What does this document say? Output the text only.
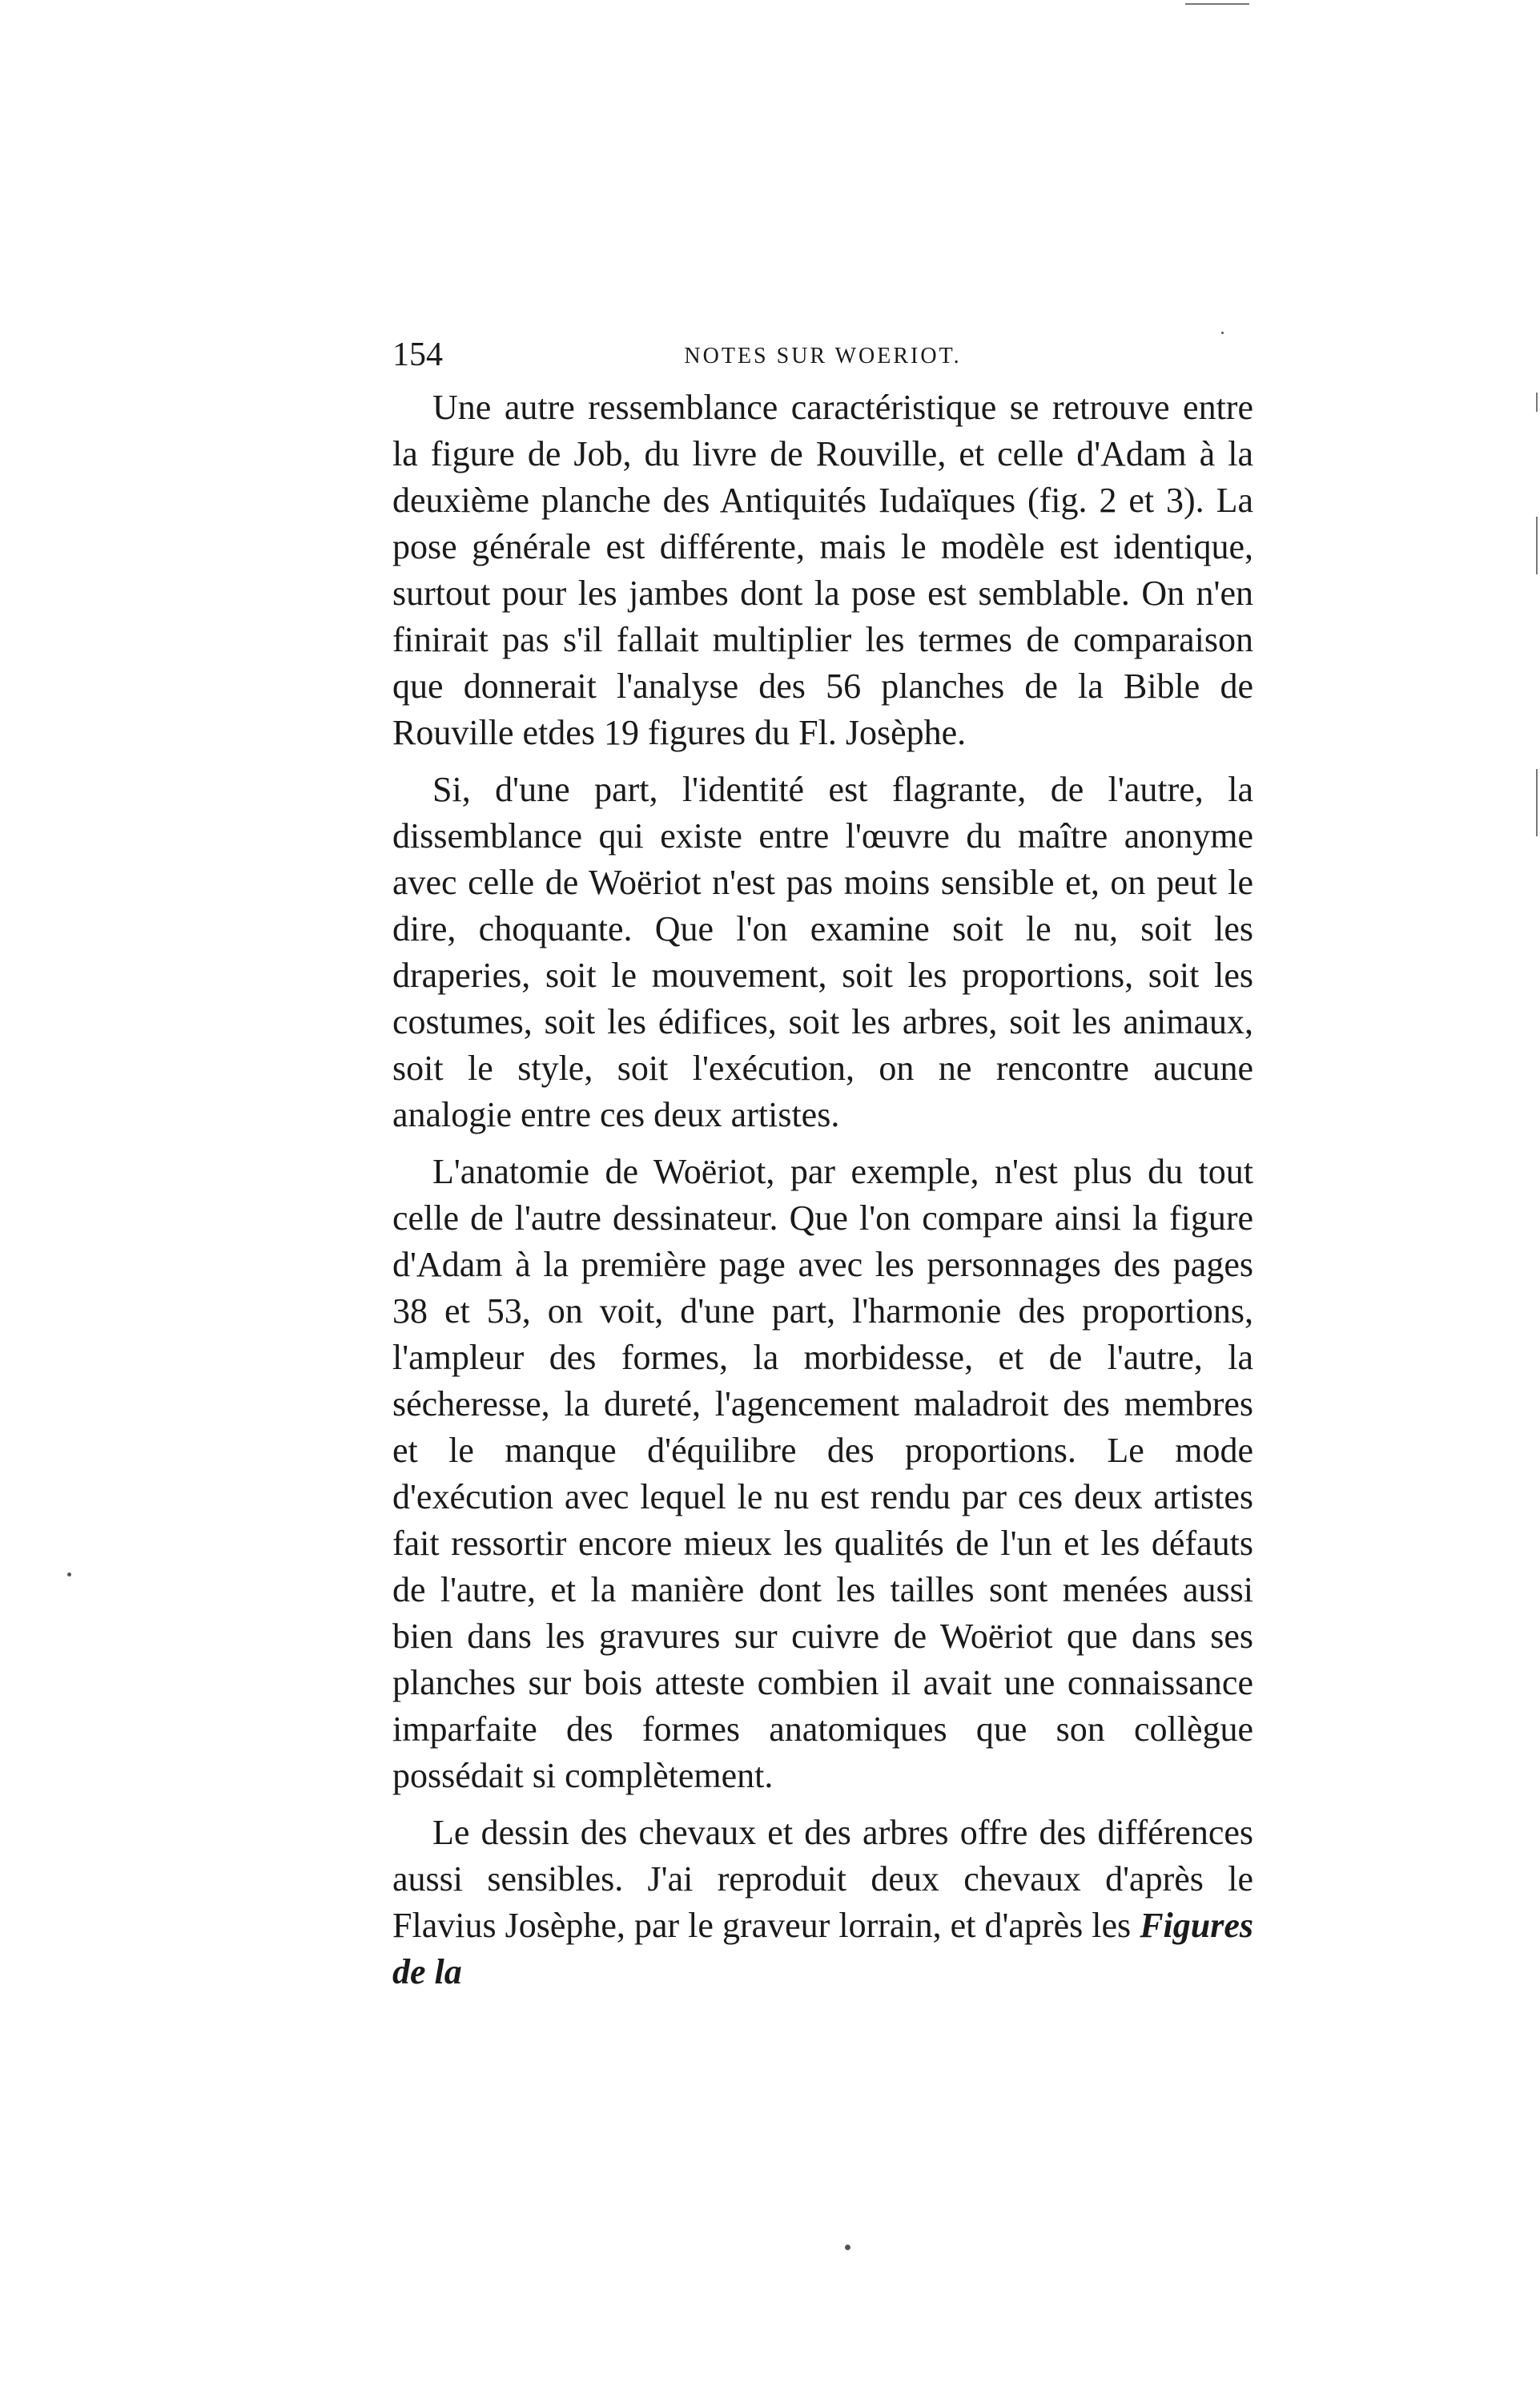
154	NOTES SUR WOERIOT.

Une autre ressemblance caractéristique se retrouve entre la figure de Job, du livre de Rouville, et celle d'Adam à la deuxième planche des Antiquités Iudaïques (fig. 2 et 3). La pose générale est différente, mais le modèle est identique, surtout pour les jambes dont la pose est semblable. On n'en finirait pas s'il fallait multiplier les termes de comparaison que donnerait l'analyse des 56 planches de la Bible de Rouville etdes 19 figures du Fl. Josèphe.

Si, d'une part, l'identité est flagrante, de l'autre, la dissemblance qui existe entre l'œuvre du maître anonyme avec celle de Woëriot n'est pas moins sensible et, on peut le dire, choquante. Que l'on examine soit le nu, soit les draperies, soit le mouvement, soit les proportions, soit les costumes, soit les édifices, soit les arbres, soit les animaux, soit le style, soit l'exécution, on ne rencontre aucune analogie entre ces deux artistes.

L'anatomie de Woëriot, par exemple, n'est plus du tout celle de l'autre dessinateur. Que l'on compare ainsi la figure d'Adam à la première page avec les personnages des pages 38 et 53, on voit, d'une part, l'harmonie des proportions, l'ampleur des formes, la morbidesse, et de l'autre, la sécheresse, la dureté, l'agencement maladroit des membres et le manque d'équilibre des proportions. Le mode d'exécution avec lequel le nu est rendu par ces deux artistes fait ressortir encore mieux les qualités de l'un et les défauts de l'autre, et la manière dont les tailles sont menées aussi bien dans les gravures sur cuivre de Woëriot que dans ses planches sur bois atteste combien il avait une connaissance imparfaite des formes anatomiques que son collègue possédait si complètement.

Le dessin des chevaux et des arbres offre des différences aussi sensibles. J'ai reproduit deux chevaux d'après le Flavius Josèphe, par le graveur lorrain, et d'après les Figures de la
